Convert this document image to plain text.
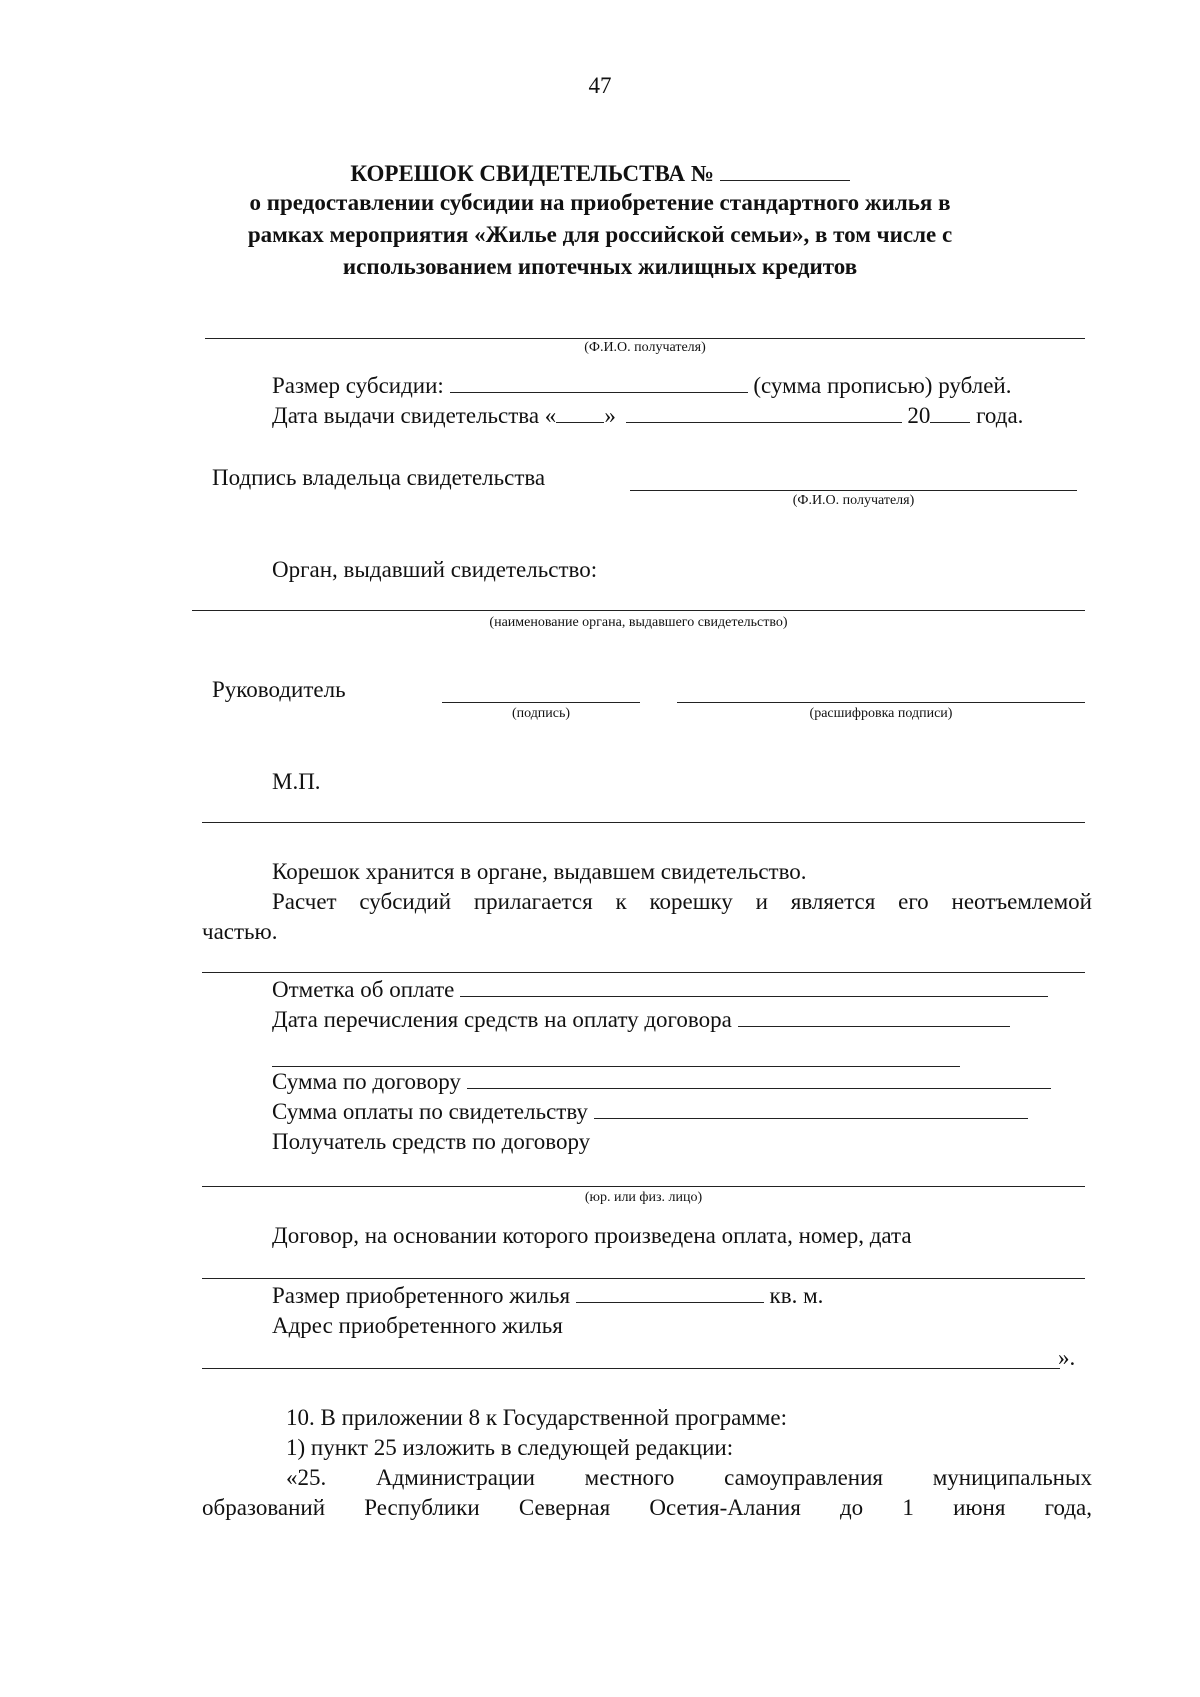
47
КОРЕШОК СВИДЕТЕЛЬСТВА №
о предоставлении субсидии на приобретение стандартного жилья в
рамках мероприятия «Жилье для российской семьи», в том числе с
использованием ипотечных жилищных кредитов
(Ф.И.О. получателя)
Размер субсидии:	(сумма прописью) рублей.
Дата выдачи свидетельства « »	20 года.
Подпись владельца свидетельства
(Ф.И.О. получателя)
Орган, выдавший свидетельство:
(наименование органа, выдавшего свидетельство)
Руководитель
(подпись)	(расшифровка подписи)
М.П.
Корешок хранится в органе, выдавшем свидетельство.
Расчет субсидий прилагается к корешку и является его неотъемлемой
частью.
Отметка об оплате
Дата перечисления средств на оплату договора
Сумма по договору
Сумма оплаты по свидетельству
Получатель средств по договору
(юр. или физ. лицо)
Договор, на основании которого произведена оплата, номер, дата
Размер приобретенного жилья	кв. м.
Адрес приобретенного жилья
».
10. В приложении 8 к Государственной программе:
1) пункт 25 изложить в следующей редакции:
«25. Администрации местного самоуправления муниципальных
образований Республики Северная Осетия-Алания до 1 июня года,
